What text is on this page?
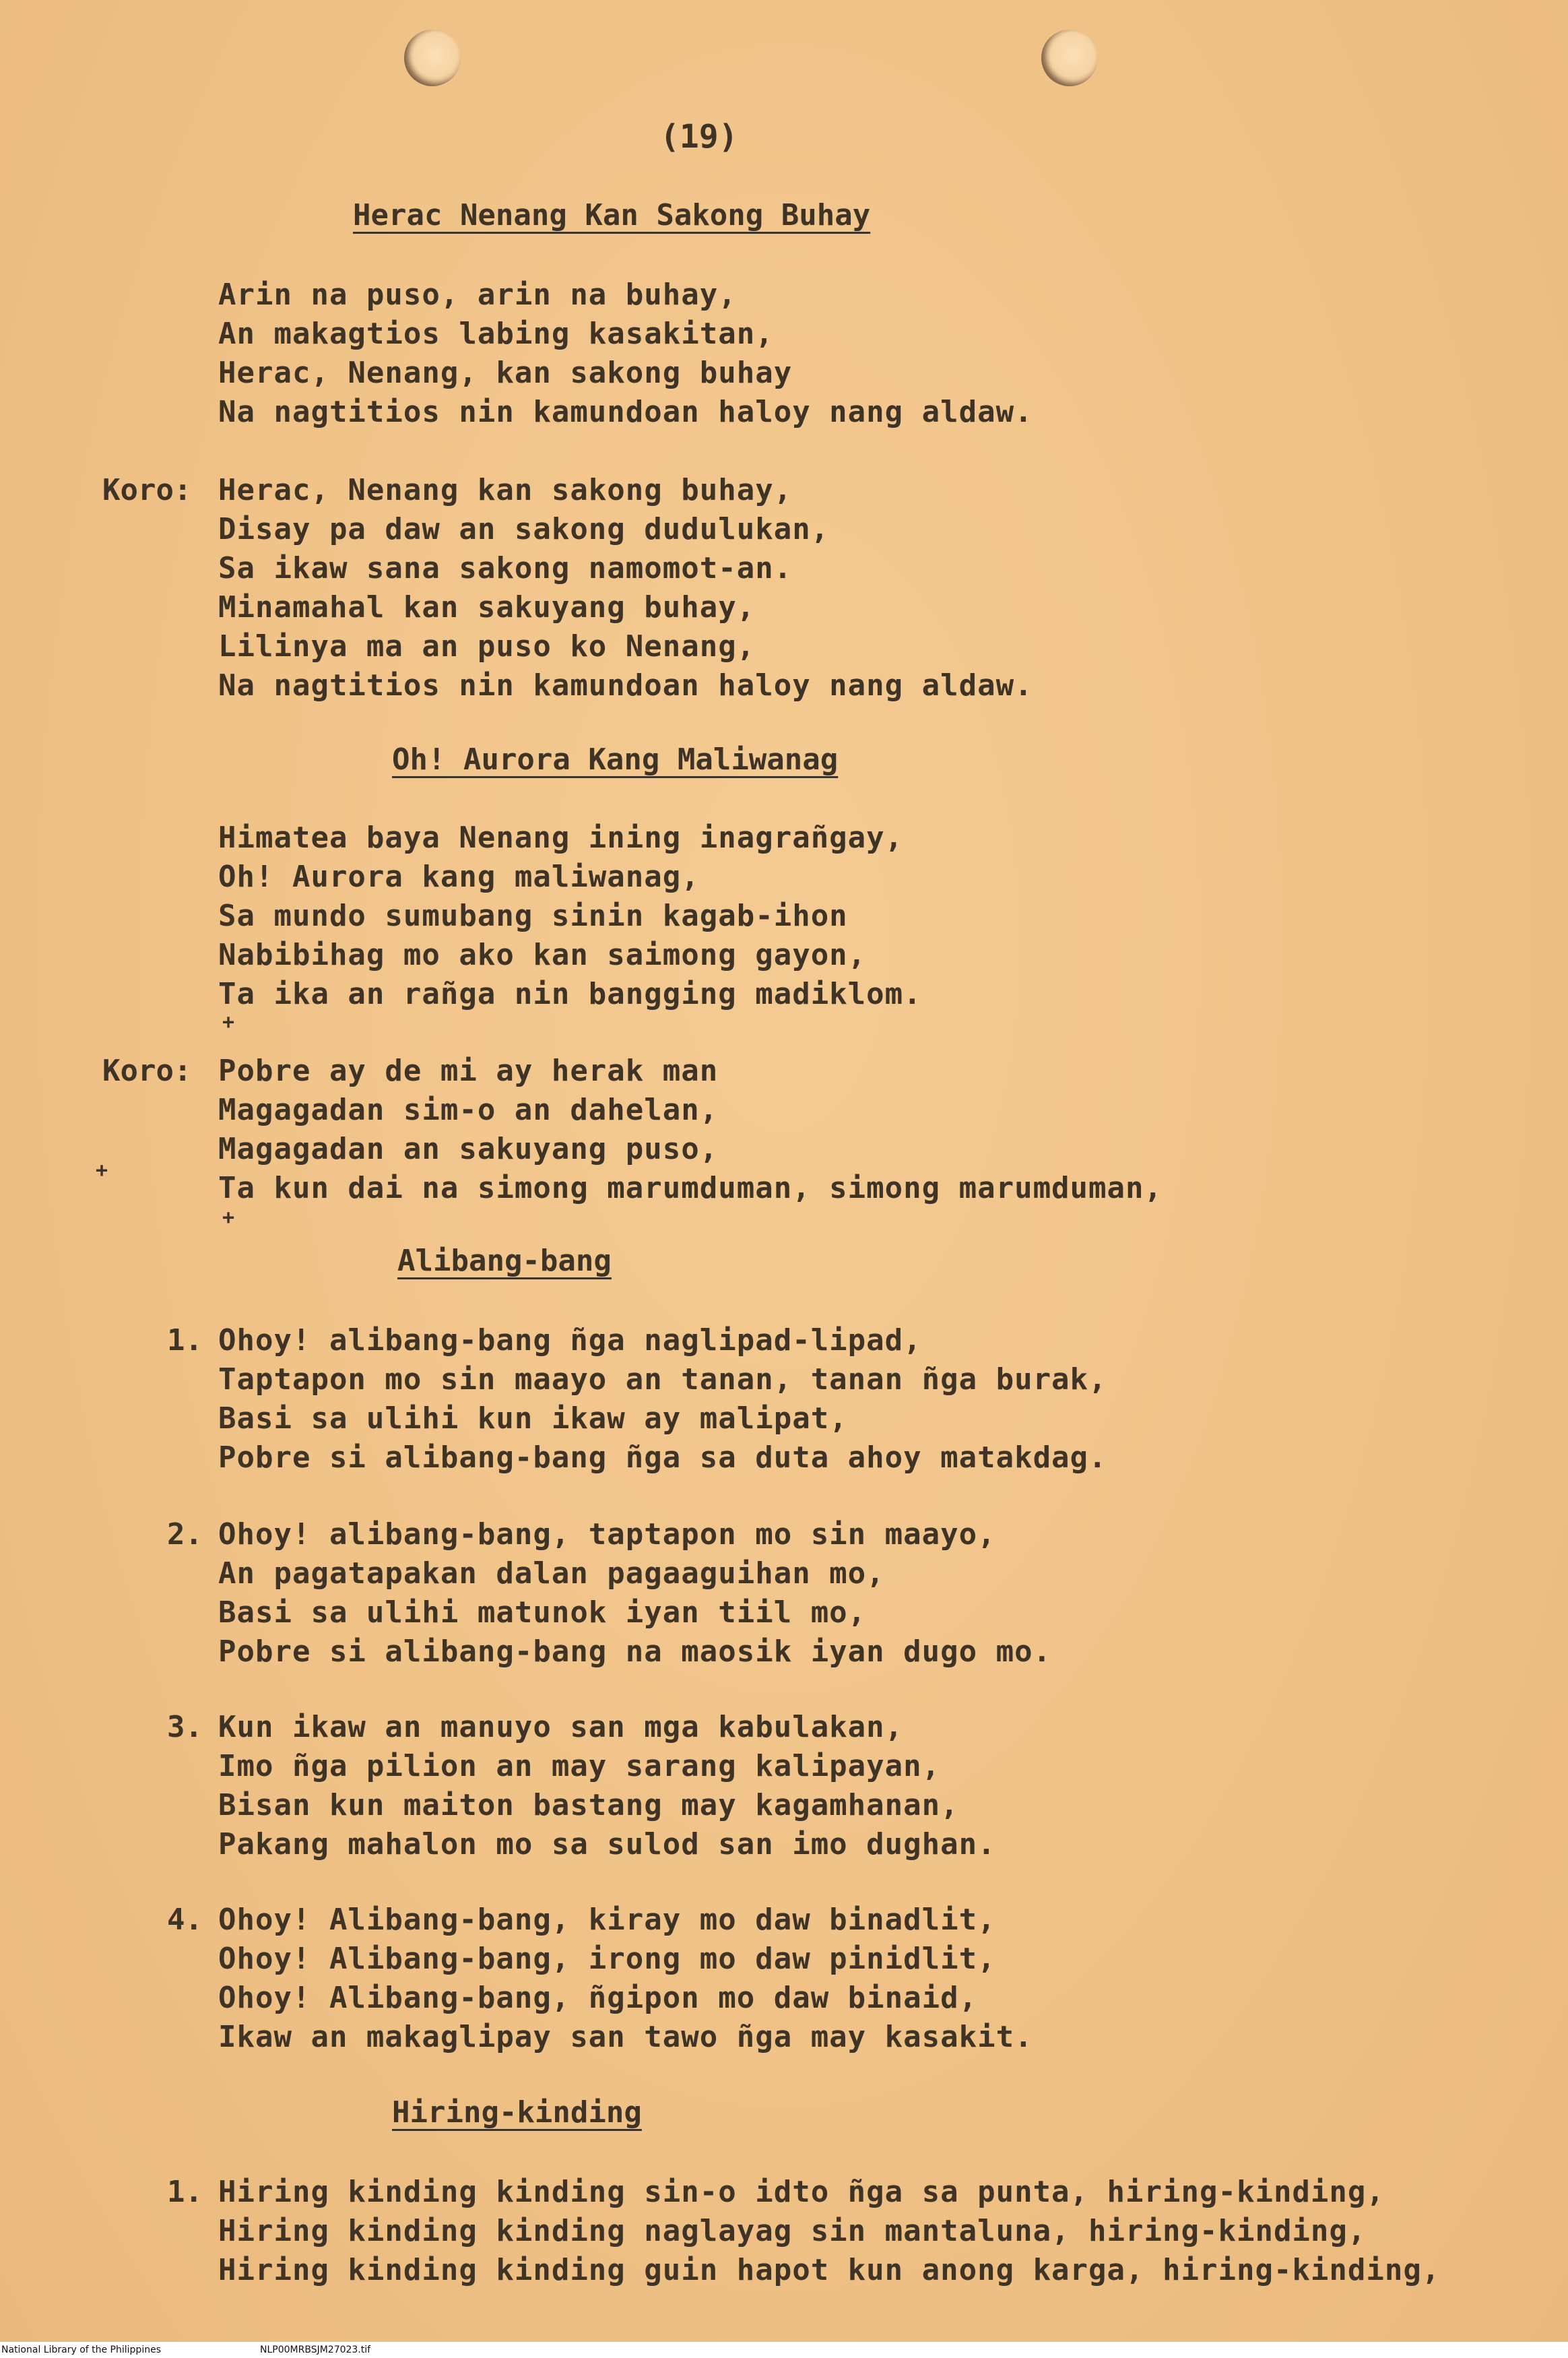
(19)
Herac Nenang Kan Sakong Buhay
Arin na puso, arin na buhay,
An makagtios labing kasakitan,
Herac, Nenang, kan sakong buhay
Na nagtitios nin kamundoan haloy nang aldaw.
Koro: Herac, Nenang kan sakong buhay,
Disay pa daw an sakong dudulukan,
Sa ikaw sana sakong namomot-an.
Minamahal kan sakuyang buhay,
Lilinya ma an puso ko Nenang,
Na nagtitios nin kamundoan haloy nang aldaw.
Oh! Aurora Kang Maliwanag
Himatea baya Nenang ining inagrañgay,
Oh! Aurora kang maliwanag,
Sa mundo sumubang sinin kagab-ihon
Nabibihag mo ako kan saimong gayon,
Ta ika an rañga nin bangging madiklom.
Koro: Pobre ay de mi ay herak man
Magagadan sim-o an dahelan,
Magagadan an sakuyang puso,
Ta kun dai na simong marumduman, simong marumduman,
Alibang-bang
1. Ohoy! alibang-bang ñga naglipad-lipad,
Taptapon mo sin maayo an tanan, tanan ñga burak,
Basi sa ulihi kun ikaw ay malipat,
Pobre si alibang-bang ñga sa duta ahoy matakdag.
2. Ohoy! alibang-bang, taptapon mo sin maayo,
An pagatapakan dalan pagaaguihan mo,
Basi sa ulihi matunok iyan tiil mo,
Pobre si alibang-bang na maosik iyan dugo mo.
3. Kun ikaw an manuyo san mga kabulakan,
Imo ñga pilion an may sarang kalipayan,
Bisan kun maiton bastang may kagamhanan,
Pakang mahalon mo sa sulod san imo dughan.
4. Ohoy! Alibang-bang, kiray mo daw binadlit,
Ohoy! Alibang-bang, irong mo daw pinidlit,
Ohoy! Alibang-bang, ñgipon mo daw binaid,
Ikaw an makaglipay san tawo ñga may kasakit.
Hiring-kinding
1. Hiring kinding kinding sin-o idto ñga sa punta, hiring-kinding,
Hiring kinding kinding naglayag sin mantaluna, hiring-kinding,
Hiring kinding kinding guin hapot kun anong karga, hiring-kinding,
+
+
+
National Library of the Philippines	NLP00MRBSJM27023.tif
